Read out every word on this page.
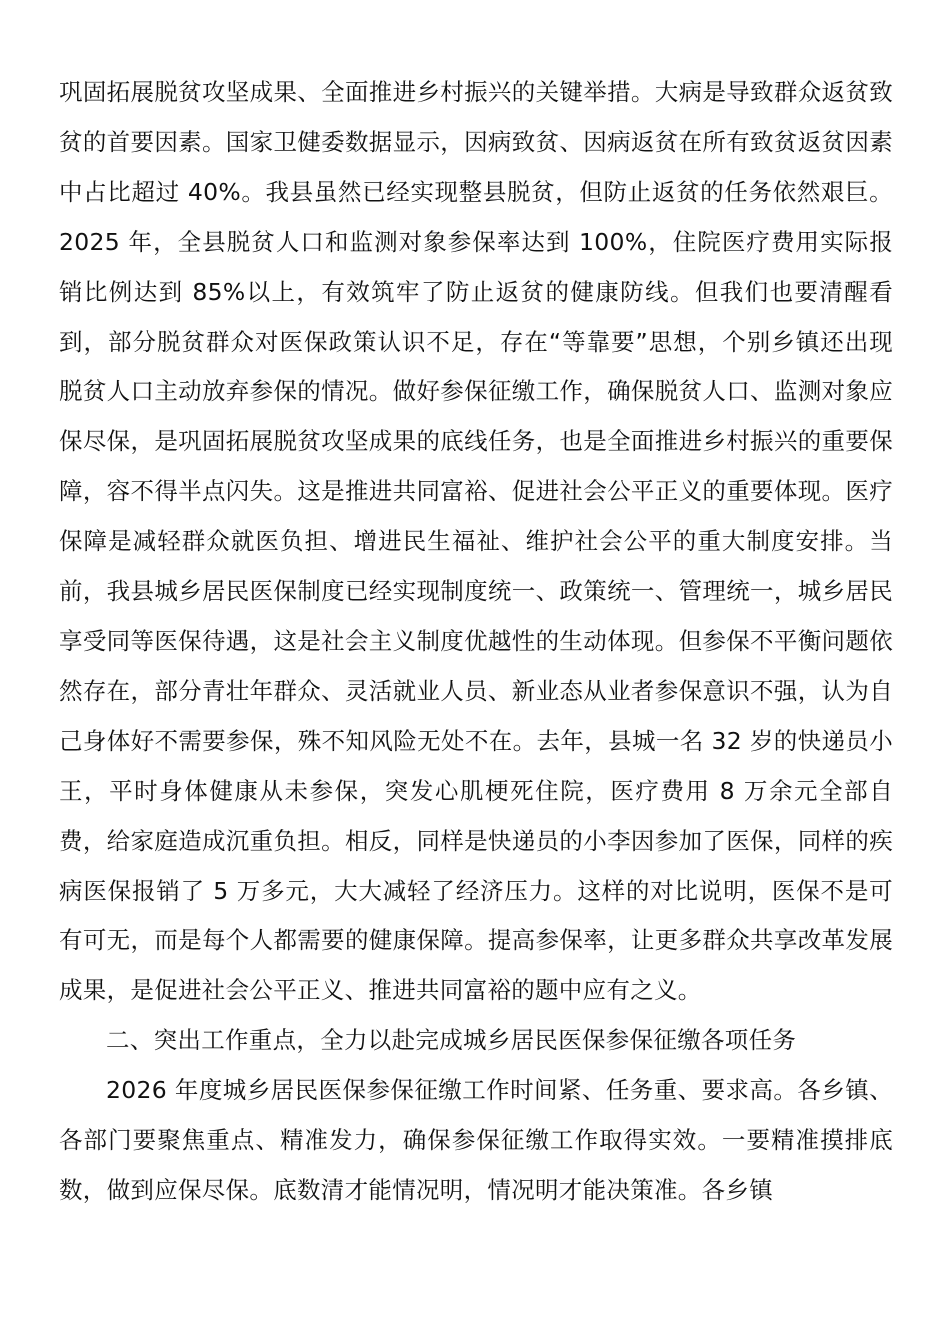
巩固拓展脱贫攻坚成果、全面推进乡村振兴的关键举措。大病是导致群众返贫致贫的首要因素。国家卫健委数据显示，因病致贫、因病返贫在所有致贫返贫因素中占比超过 40%。我县虽然已经实现整县脱贫，但防止返贫的任务依然艰巨。2025 年，全县脱贫人口和监测对象参保率达到 100%，住院医疗费用实际报销比例达到 85%以上，有效筑牢了防止返贫的健康防线。但我们也要清醒看到，部分脱贫群众对医保政策认识不足，存在“等靠要”思想，个别乡镇还出现脱贫人口主动放弃参保的情况。做好参保征缴工作，确保脱贫人口、监测对象应保尽保，是巩固拓展脱贫攻坚成果的底线任务，也是全面推进乡村振兴的重要保障，容不得半点闪失。这是推进共同富裕、促进社会公平正义的重要体现。医疗保障是减轻群众就医负担、增进民生福祉、维护社会公平的重大制度安排。当前，我县城乡居民医保制度已经实现制度统一、政策统一、管理统一，城乡居民享受同等医保待遇，这是社会主义制度优越性的生动体现。但参保不平衡问题依然存在，部分青壮年群众、灵活就业人员、新业态从业者参保意识不强，认为自己身体好不需要参保，殊不知风险无处不在。去年，县城一名 32 岁的快递员小王，平时身体健康从未参保，突发心肌梗死住院，医疗费用 8 万余元全部自费，给家庭造成沉重负担。相反，同样是快递员的小李因参加了医保，同样的疾病医保报销了 5 万多元，大大减轻了经济压力。这样的对比说明，医保不是可有可无，而是每个人都需要的健康保障。提高参保率，让更多群众共享改革发展成果，是促进社会公平正义、推进共同富裕的题中应有之义。

二、突出工作重点，全力以赴完成城乡居民医保参保征缴各项任务

2026 年度城乡居民医保参保征缴工作时间紧、任务重、要求高。各乡镇、各部门要聚焦重点、精准发力，确保参保征缴工作取得实效。一要精准摸排底数，做到应保尽保。底数清才能情况明，情况明才能决策准。各乡镇
